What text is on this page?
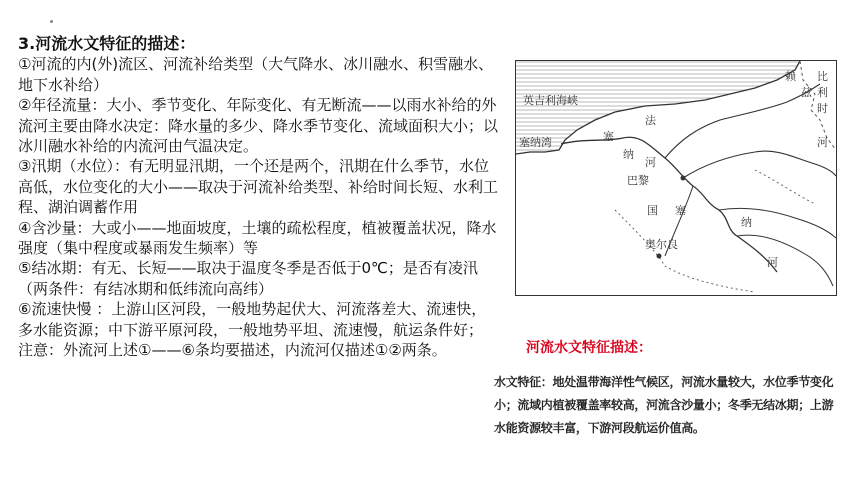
3.河流水文特征的描述：

①河流的内(外)流区、河流补给类型（大气降水、冰川融水、积雪融水、地下水补给）

②年径流量：大小、季节变化、年际变化、有无断流——以雨水补给的外流河主要由降水决定：降水量的多少、降水季节变化、流域面积大小；以冰川融水补给的内流河由气温决定。

③汛期（水位）：有无明显汛期，一个还是两个，汛期在什么季节，水位高低，水位变化的大小——取决于河流补给类型、补给时间长短、水利工程、湖泊调蓄作用

④含沙量：大或小——地面坡度，土壤的疏松程度，植被覆盖状况，降水强度（集中程度或暴雨发生频率）等

⑤结冰期：有无、长短——取决于温度冬季是否低于0℃；是否有凌汛（两条件：有结冰期和低纬流向高纬）

⑥流速快慢 ：上游山区河段，一般地势起伏大、河流落差大、流速快，多水能资源；中下游平原河段，一般地势平坦、流速慢，航运条件好；

注意：外流河上述①——⑥条均要描述，内流河仅描述①②两条。

英吉利海峡
塞纳湾	塞
纳
法
河
巴黎
国 塞
纳
河
奥尔良
比
利
时
赖
兹
河
河流水文特征描述：
水文特征：地处温带海洋性气候区，河流水量较大，水位季节变化小；流域内植被覆盖率较高，河流含沙量小；冬季无结冰期；上游水能资源较丰富，下游河段航运价值高。
